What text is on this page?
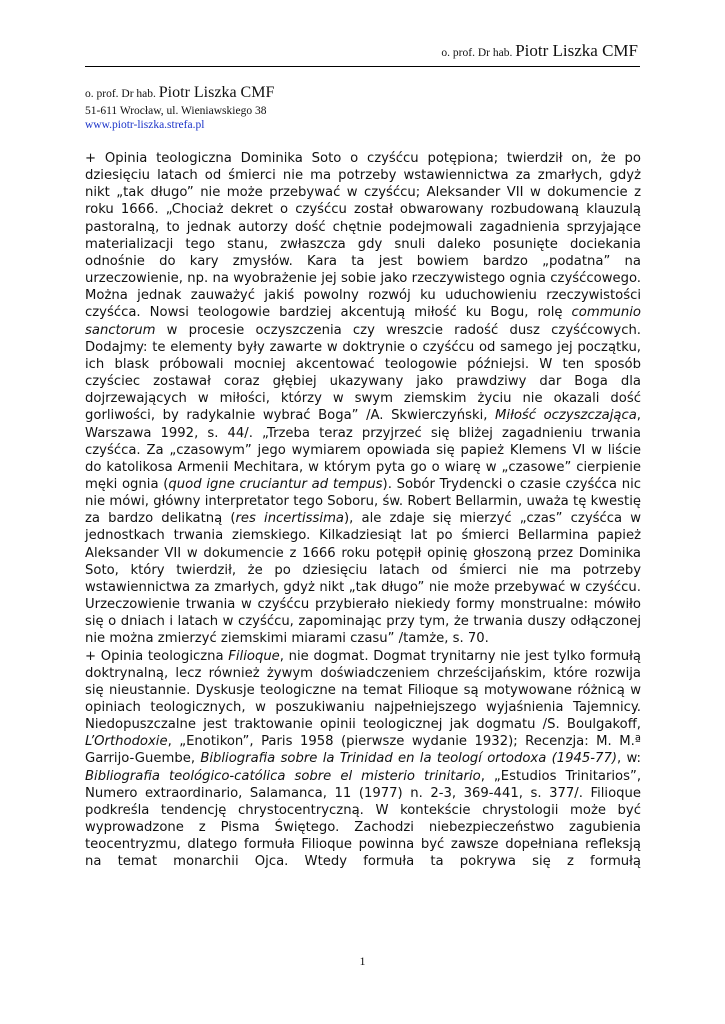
o. prof. Dr hab. Piotr Liszka CMF
o. prof. Dr hab. Piotr Liszka CMF
51-611 Wrocław, ul. Wieniawskiego 38
www.piotr-liszka.strefa.pl

+ Opinia teologiczna Dominika Soto o czyśćcu potępiona; twierdził on, że po dziesięciu latach od śmierci nie ma potrzeby wstawiennictwa za zmarłych, gdyż nikt „tak długo” nie może przebywać w czyśćcu; Aleksander VII w dokumencie z roku 1666. „Chociaż dekret o czyśćcu został obwarowany rozbudowaną klauzulą pastoralną, to jednak autorzy dość chętnie podejmowali zagadnienia sprzyjające materializacji tego stanu, zwłaszcza gdy snuli daleko posunięte dociekania odnośnie do kary zmysłów. Kara ta jest bowiem bardzo „podatna” na urzeczowienie, np. na wyobrażenie jej sobie jako rzeczywistego ognia czyśćcowego. Można jednak zauważyć jakiś powolny rozwój ku uduchowieniu rzeczywistości czyśćca. Nowsi teologowie bardziej akcentują miłość ku Bogu, rolę communio sanctorum w procesie oczyszczenia czy wreszcie radość dusz czyśćcowych. Dodajmy: te elementy były zawarte w doktrynie o czyśćcu od samego jej początku, ich blask próbowali mocniej akcentować teologowie późniejsi. W ten sposób czyściec zostawał coraz głębiej ukazywany jako prawdziwy dar Boga dla dojrzewających w miłości, którzy w swym ziemskim życiu nie okazali dość gorliwości, by radykalnie wybrać Boga” /A. Skwierczyński, Miłość oczyszczająca, Warszawa 1992, s. 44/. „Trzeba teraz przyjrzeć się bliżej zagadnieniu trwania czyśćca. Za „czasowym” jego wymiarem opowiada się papież Klemens VI w liście do katolikosa Armenii Mechitara, w którym pyta go o wiarę w „czasowe” cierpienie męki ognia (quod igne cruciantur ad tempus). Sobór Trydencki o czasie czyśćca nic nie mówi, główny interpretator tego Soboru, św. Robert Bellarmin, uważa tę kwestię za bardzo delikatną (res incertissima), ale zdaje się mierzyć „czas” czyśćca w jednostkach trwania ziemskiego. Kilkadziesiąt lat po śmierci Bellarmina papież Aleksander VII w dokumencie z 1666 roku potępił opinię głoszoną przez Dominika Soto, który twierdził, że po dziesięciu latach od śmierci nie ma potrzeby wstawiennictwa za zmarłych, gdyż nikt „tak długo” nie może przebywać w czyśćcu. Urzeczowienie trwania w czyśćcu przybierało niekiedy formy monstrualne: mówiło się o dniach i latach w czyśćcu, zapominając przy tym, że trwania duszy odłączonej nie można zmierzyć ziemskimi miarami czasu” /tamże, s. 70.

+ Opinia teologiczna Filioque, nie dogmat. Dogmat trynitarny nie jest tylko formułą doktrynalną, lecz również żywym doświadczeniem chrześcijańskim, które rozwija się nieustannie. Dyskusje teologiczne na temat Filioque są motywowane różnicą w opiniach teologicznych, w poszukiwaniu najpełniejszego wyjaśnienia Tajemnicy. Niedopuszczalne jest traktowanie opinii teologicznej jak dogmatu /S. Boulgakoff, L’Orthodoxie, „Enotikon”, Paris 1958 (pierwsze wydanie 1932); Recenzja: M. M.ª Garrijo-Guembe, Bibliografia sobre la Trinidad en la teologí ortodoxa (1945-77), w: Bibliografia teológico-católica sobre el misterio trinitario, „Estudios Trinitarios”, Numero extraordinario, Salamanca, 11 (1977) n. 2-3, 369-441, s. 377/. Filioque podkreśla tendencję chrystocentryczną. W kontekście chrystologii może być wyprowadzone z Pisma Świętego. Zachodzi niebezpieczeństwo zagubienia teocentryzmu, dlatego formuła Filioque powinna być zawsze dopełniana refleksją na temat monarchii Ojca. Wtedy formuła ta pokrywa się z formułą

1
